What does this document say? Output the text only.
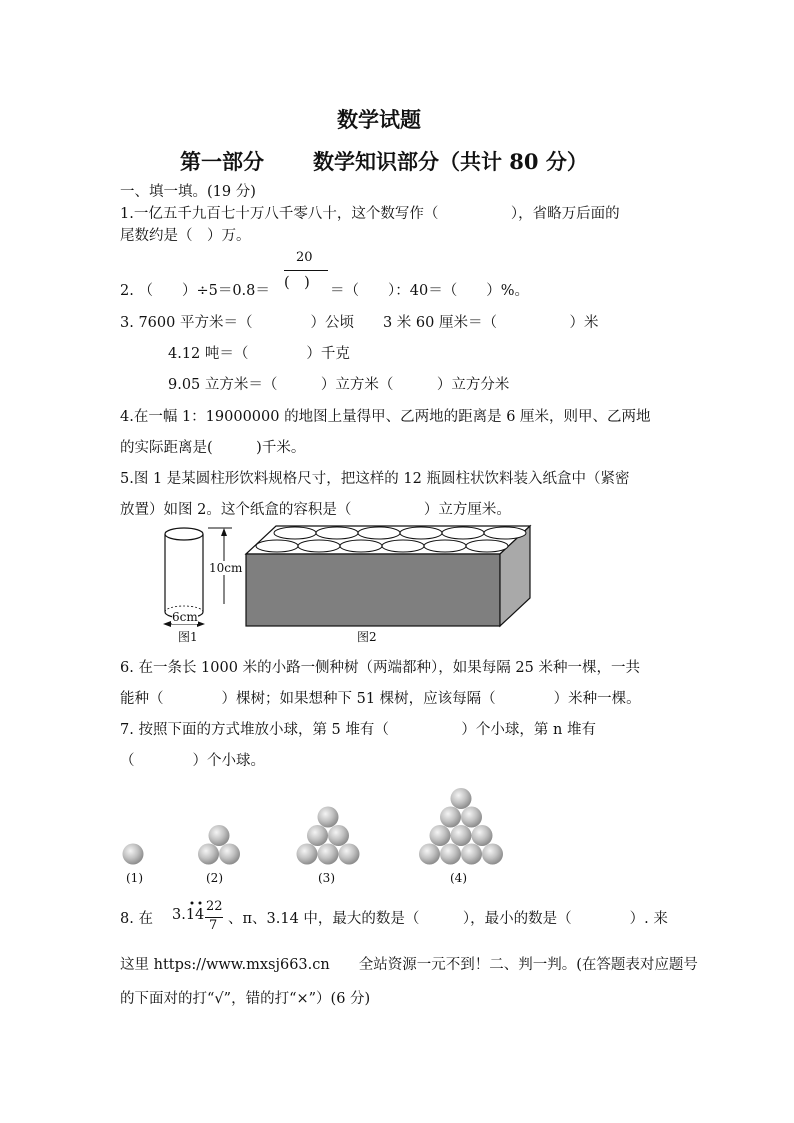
数学试题
第一部分 数学知识部分（共计 80 分）
一、填一填。(19 分)
1.一亿五千九百七十万八千零八十，这个数写作（　　　　　），省略万后面的
尾数约是（　）万。
2. （　　）÷5＝0.8＝
20
(　) ＝（　　）：40＝（　　）%。
3. 7600 平方米＝（　　　　）公顷　　3 米 60 厘米＝（　　　　　）米
4.12 吨＝（　　　　）千克
9.05 立方米＝（　　　）立方米（　　　）立方分米
4.在一幅 1：19000000 的地图上量得甲、乙两地的距离是 6 厘米，则甲、乙两地
的实际距离是(　　　)千米。
5.图 1 是某圆柱形饮料规格尺寸，把这样的 12 瓶圆柱状饮料装入纸盒中（紧密
放置）如图 2。这个纸盒的容积是（　　　　　）立方厘米。
10cm
6cm
图1	图2
6. 在一条长 1000 米的小路一侧种树（两端都种），如果每隔 25 米种一棵，一共
能种（　　　　）棵树；如果想种下 51 棵树，应该每隔（　　　　）米种一棵。
7. 按照下面的方式堆放小球，第 5 堆有（　　　　　）个小球，第 n 堆有
（　　　　）个小球。
(1)	(2)	(3)	(4)
8. 在 3.14
22
7 、π、3.14 中，最大的数是（　　　），最小的数是（　　　　）. 来
这里 https://www.mxsj663.cn　　全站资源一元不到！二、判一判。(在答题表对应题号
的下面对的打“√”，错的打“×”）(6 分)
